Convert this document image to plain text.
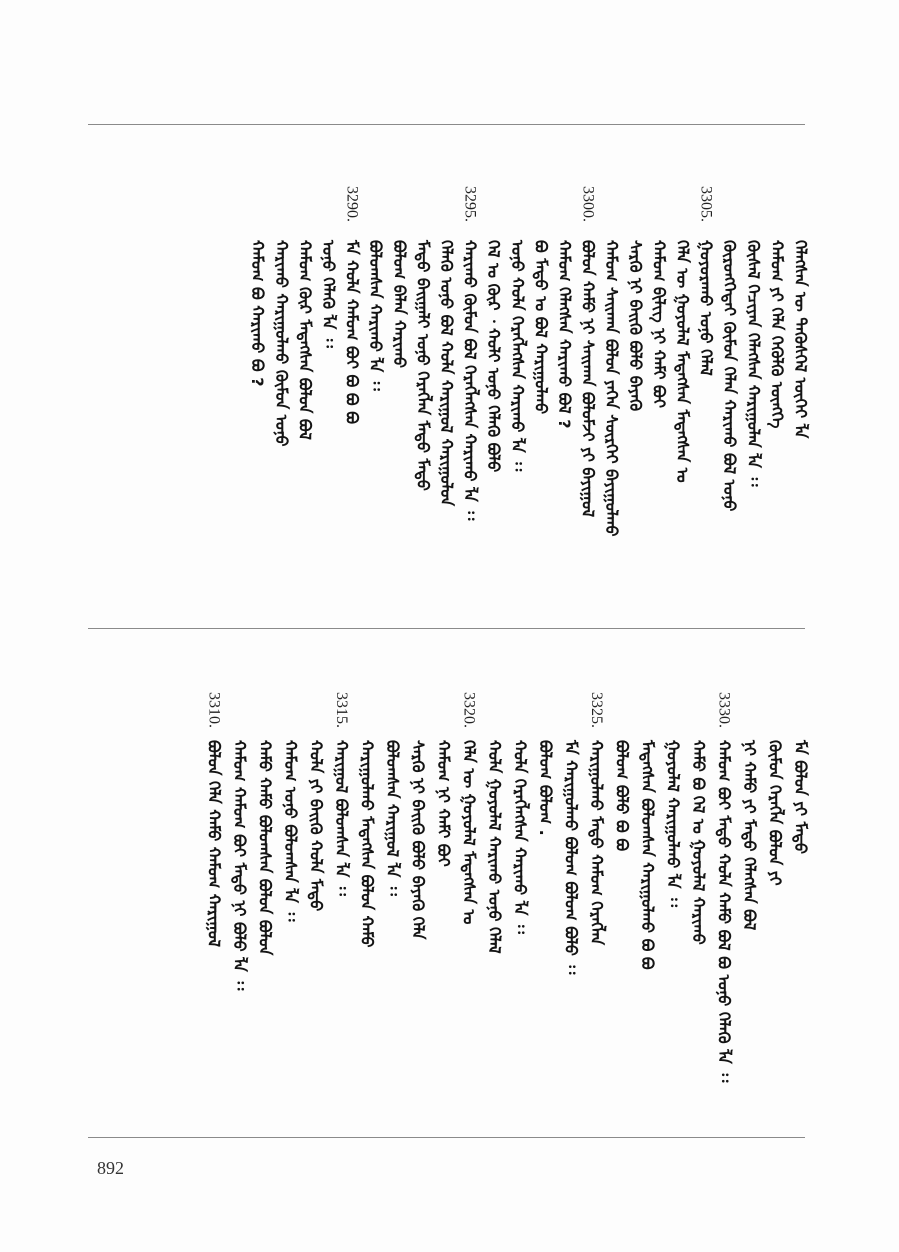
ᠬᠡᠯᠡᠭᠰᠡᠨ ᠦ ᠲᠡᠭᠦᠰᠬᠡᠯ ᠦᠭᠡᠢ ᠯᠡ
ᠬᠠᠮᠤᠭ ᠶᠢ ᠬᠡᠯᠡ ᠬᠡᠭᠦᠯᠬᠦ ᠥᠩᠭᠡ
ᠬᠦᠰᠡᠯ ᠬᠡᠴᠢᠶᠡᠨ ᠬᠡᠯᠡᠭᠰᠡᠨ ᠬᠠᠷᠢᠭᠤᠯᠠᠨ ᠯᠡ ᠄᠄
ᠬᠥᠷᠦᠩᠭᠡᠲᠡᠢ ᠬᠦᠮᠦᠨ ᠬᠡᠯᠡᠨ ᠬᠠᠷᠢᠬᠤ ᠪᠣᠯ ᠤᠨᠤ
3305.
ᠭᠤᠶᠤᠷᠠᠬᠤ ᠤᠨᠤ ᠬᠡᠯᠡᠯ
ᠬᠡᠯᠡ ᠦ ᠭᠣᠶᠤᠯᠠᠯ ᠮᠡᠳᠡᠭᠰᠡᠨ ᠮᠡᠳᠡᠭᠰᠡᠨ ᠤ
ᠬᠠᠮᠤᠭ ᠪᠢᠯᠢᠭ ᠨᠢ ᠬᠠᠮᠢ ᠪᠣᠢ
ᠰᠡᠷᠭᠦ ᠨᠢ ᠪᠡᠢᠬᠦ ᠪᠣᠯᠤ ᠪᠡᠶᠡᠬᠦ
ᠬᠠᠮᠤᠭ ᠰᠠᠢᠬᠠᠨ ᠪᠣᠯᠤᠨ ᠶᠡᠬᠡᠨ ᠰᠦᠷᠬᠡᠢ ᠪᠠᠶᠢᠭᠤᠯᠬᠤ
3300.
ᠪᠣᠯᠤᠨ ᠬᠠᠮᠤ ᠨᠢ ᠰᠠᠢᠬᠠᠨ ᠪᠣᠯᠤᠮᠵᠢ ᠶᠢ ᠪᠠᠶᠢᠭᠤᠯ
ᠬᠠᠮᠤᠭ ᠬᠡᠯᠡᠭᠰᠡᠨ ᠬᠠᠷᠢᠬᠤ ᠪᠣᠯ ?
ᠪᠣ ᠮᠠᠳᠤ ᠤ ᠪᠣᠯ ᠬᠠᠷᠢᠭᠤᠯᠬᠤ
ᠤᠨᠤ ᠬᠣᠯᠡ ᠬᠡᠷᠡᠭᠯᠡᠭᠰᠡᠨ ᠬᠠᠷᠢᠬᠤ ᠯᠡ ᠄᠄
ᠬᠡᠯ ᠤ ᠬᠦᠷ ᠂ ᠬᠣᠯᠢ ᠤᠨᠤ ᠬᠡᠯᠡᠬᠦ ᠪᠣᠯᠤ
3295.
ᠬᠠᠷᠢᠬᠤ ᠬᠥᠮᠦᠨ ᠪᠣᠯ ᠬᠡᠷᠡᠭᠯᠡᠭᠰᠡᠨ ᠬᠠᠷᠢᠬᠤ ᠯᠡ ᠄᠄
ᠬᠡᠯᠡᠬᠦ ᠤᠨᠤ ᠪᠣᠯ ᠬᠣᠯᠡ ᠬᠠᠷᠢᠭᠤᠯ ᠬᠠᠷᠢᠭᠤᠯᠤᠨ
ᠮᠠᠳᠤ ᠪᠠᠢᠭᠠᠯᠢ ᠤᠨᠤ ᠬᠡᠷᠡᠭᠯᠡᠨ ᠮᠠᠳᠤ ᠮᠠᠳᠤ
ᠪᠣᠯᠤᠭ ᠪᠡᠯᠡᠨ ᠬᠠᠷᠢᠬᠤ
ᠪᠣᠯᠤᠭᠰᠠᠨ ᠬᠠᠷᠢᠬᠤ ᠯᠡ ᠄᠄
3290.
ᠮᠠ ᠬᠣᠯᠡ ᠬᠠᠮᠤᠭ ᠪᠣᠢ ᠪᠣ ᠪᠣ ᠪᠣ
ᠤᠨᠤ ᠬᠡᠯᠡᠬᠦ ᠯᠡ ᠄᠄
ᠬᠠᠮᠤᠭ ᠬᠦᠷ ᠮᠡᠳᠡᠭᠰᠡᠨ ᠪᠣᠯᠤᠨ ᠪᠣᠯ
ᠬᠠᠷᠢᠬᠤ ᠬᠠᠷᠢᠭᠤᠯᠬᠤ ᠬᠦᠮᠦᠨ ᠤᠨᠤ
ᠬᠠᠮᠤᠭ ᠪᠣ ᠬᠠᠷᠢᠬᠤ ᠪᠣ ?
ᠮᠠ ᠪᠣᠯᠤᠨ ᠶᠢ ᠮᠠᠳᠤ
ᠬᠦᠮᠦᠨ ᠬᠡᠷᠡᠭᠯᠡ ᠪᠣᠯᠤᠨ ᠶᠢ
ᠨᠢ ᠬᠠᠮᠤ ᠶᠢ ᠮᠠᠳᠤ ᠬᠡᠯᠡᠭᠰᠡᠨ ᠪᠣᠯ
3330.
ᠬᠠᠮᠤᠭ ᠪᠣᠢ ᠮᠠᠳᠤ ᠬᠣᠯᠡ ᠬᠠᠮᠤ ᠪᠣᠯ ᠪᠣ ᠤᠨᠤ ᠬᠡᠯᠡᠬᠦ ᠯᠡ ᠄᠄
ᠬᠠᠮᠤ ᠪᠣ ᠬᠡᠯ ᠤ ᠭᠣᠶᠤᠯᠠᠯ ᠬᠠᠷᠢᠬᠤ
ᠭᠣᠶᠤᠯᠠᠯ ᠬᠠᠷᠢᠭᠤᠯᠬᠤ ᠯᠡ ᠄᠄
ᠮᠡᠳᠡᠭᠰᠡᠨ ᠪᠣᠯᠤᠭᠰᠠᠨ ᠬᠠᠷᠢᠭᠤᠯᠬᠤ ᠪᠣ ᠪᠣ
ᠪᠣᠯᠤᠭ ᠪᠣᠯᠤ ᠪᠣ ᠪᠣ
3325.
ᠬᠠᠷᠢᠭᠤᠯᠬᠤ ᠮᠠᠳᠤ ᠬᠠᠮᠤᠭ ᠬᠡᠷᠡᠭᠯᠡᠨ
ᠮᠠ ᠬᠠᠷᠢᠭᠤᠯᠬᠤ ᠪᠣᠯᠤᠭ ᠪᠣᠯᠤᠭ ᠪᠣᠯᠤ ᠄᠄
ᠪᠣᠯᠤᠭ ᠪᠣᠯᠤᠭ .
ᠬᠣᠯᠡ ᠬᠡᠷᠡᠭᠯᠡᠭᠰᠡᠨ ᠬᠠᠷᠢᠬᠤ ᠯᠡ ᠄᠄
ᠬᠣᠯᠡ ᠭᠣᠶᠤᠯᠠᠯ ᠬᠠᠷᠢᠬᠤ ᠤᠨᠤ ᠬᠡᠯᠡᠯ
3320.
ᠬᠡᠯᠡ ᠦ ᠭᠣᠶᠤᠯᠠᠯ ᠮᠡᠳᠡᠭᠰᠡᠨ ᠤ
ᠬᠠᠮᠤᠭ ᠨᠢ ᠬᠠᠮᠢ ᠪᠣᠢ
ᠰᠡᠷᠭᠦ ᠨᠢ ᠪᠡᠢᠬᠦ ᠪᠣᠯᠤ ᠪᠡᠶᠡᠬᠦ ᠬᠡᠯᠡ
ᠪᠣᠯᠤᠭᠰᠠᠨ ᠬᠠᠷᠢᠭᠤᠯ ᠯᠡ ᠄᠄
ᠬᠠᠷᠢᠭᠤᠯᠬᠤ ᠮᠡᠳᠡᠭᠰᠡᠨ ᠪᠣᠯᠤᠨ ᠬᠠᠮᠤ
3315.
ᠬᠠᠷᠢᠭᠤᠯ ᠪᠣᠯᠤᠭᠰᠠᠨ ᠯᠡ ᠄᠄
ᠬᠣᠯᠡ ᠶᠢ ᠪᠡᠢᠬᠦ ᠬᠣᠯᠡ ᠮᠠᠳᠤ
ᠬᠠᠮᠤᠭ ᠤᠨᠤ ᠪᠣᠯᠤᠭᠰᠠᠨ ᠯᠡ ᠄᠄
ᠬᠠᠮᠤ ᠬᠠᠮᠤ ᠪᠣᠯᠤᠭᠰᠠᠨ ᠪᠣᠯᠤᠨ ᠪᠣᠯᠤᠨ
ᠬᠠᠮᠤᠭ ᠬᠠᠮᠤᠭ ᠪᠣᠢ ᠮᠠᠳᠤ ᠨᠢ ᠪᠣᠯᠤ ᠯᠡ ᠄᠄
3310.
ᠪᠣᠯᠤᠨ ᠬᠡᠯᠡ ᠬᠠᠮᠤ ᠬᠠᠮᠤᠭ ᠬᠠᠷᠢᠭᠤᠯ
892
